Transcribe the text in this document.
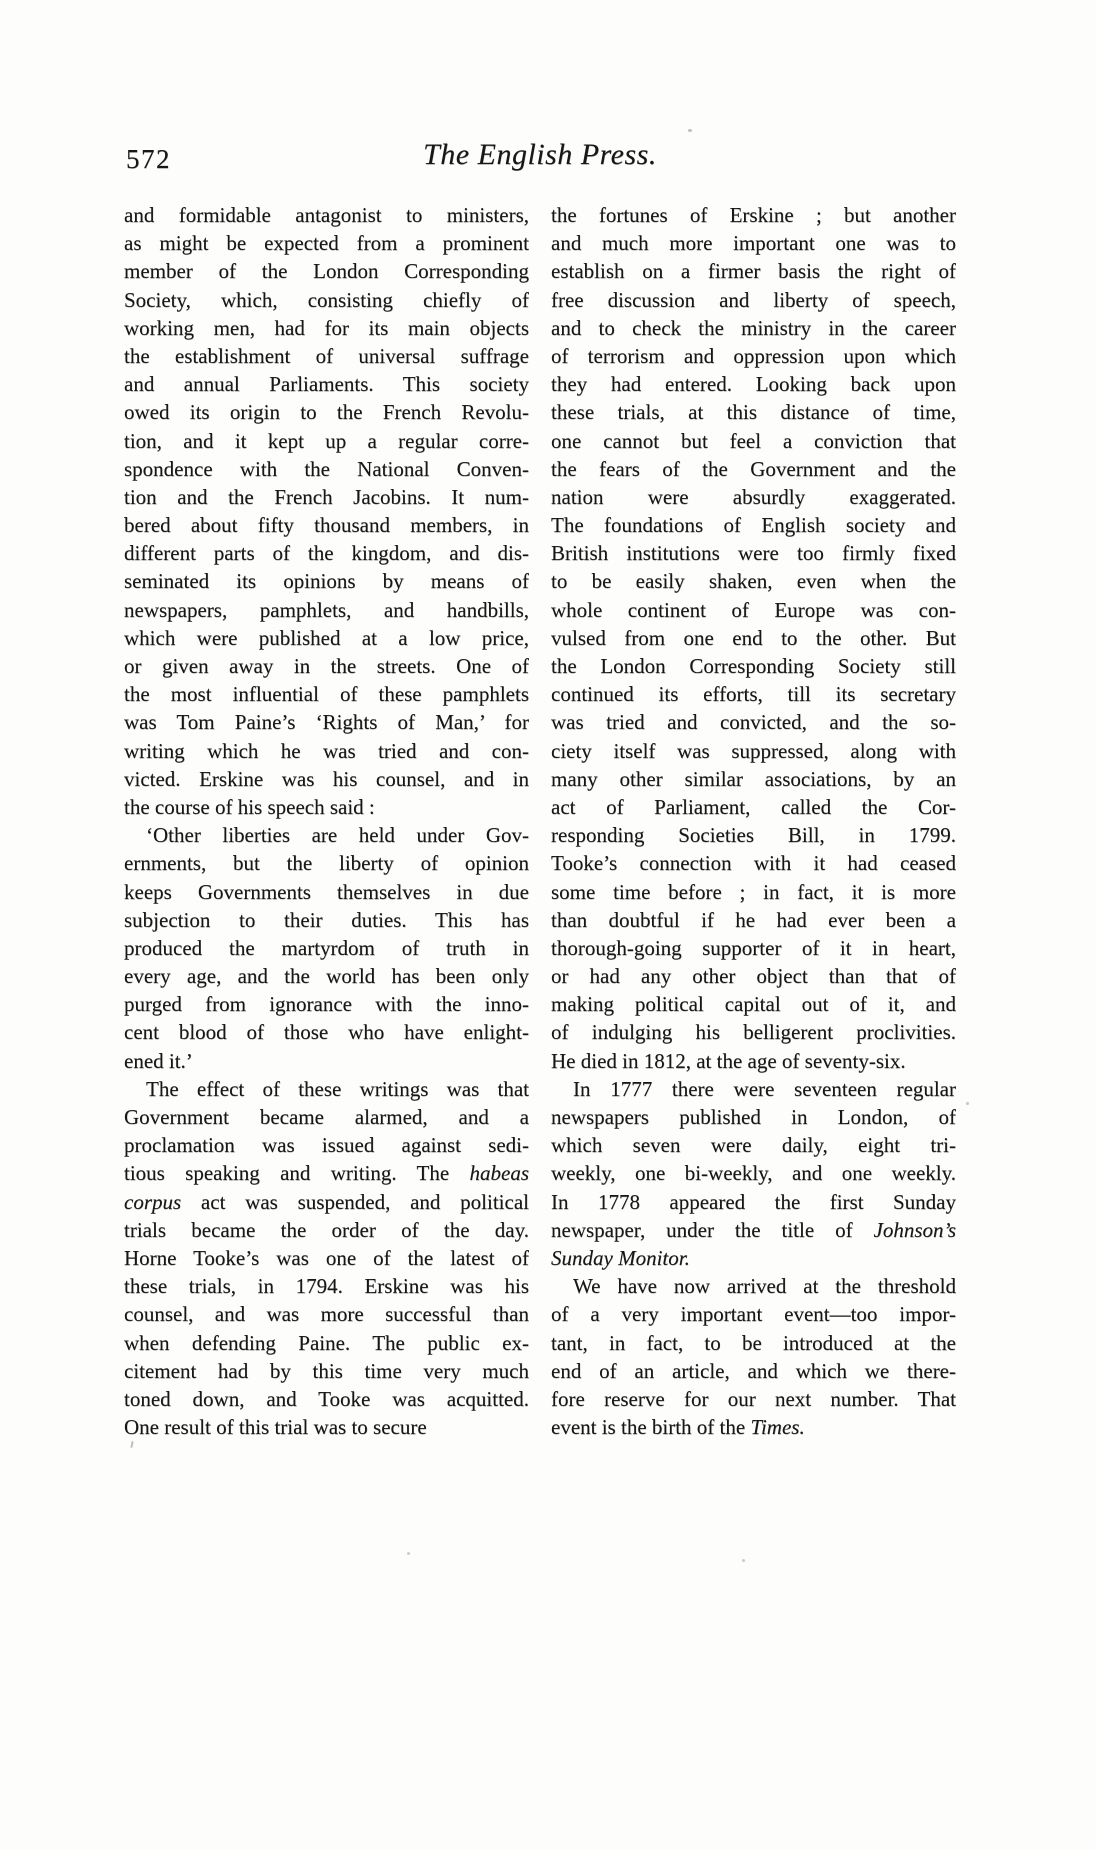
572	The English Press.
and formidable antagonist to ministers,
as might be expected from a prominent
member of the London Corresponding
Society, which, consisting chiefly of
working men, had for its main objects
the establishment of universal suffrage
and annual Parliaments. This society
owed its origin to the French Revolu-
tion, and it kept up a regular corre-
spondence with the National Conven-
tion and the French Jacobins. It num-
bered about fifty thousand members, in
different parts of the kingdom, and dis-
seminated its opinions by means of
newspapers, pamphlets, and handbills,
which were published at a low price,
or given away in the streets. One of
the most influential of these pamphlets
was Tom Paine’s ‘Rights of Man,’ for
writing which he was tried and con-
victed. Erskine was his counsel, and in
the course of his speech said :
‘Other liberties are held under Gov-
ernments, but the liberty of opinion
keeps Governments themselves in due
subjection to their duties. This has
produced the martyrdom of truth in
every age, and the world has been only
purged from ignorance with the inno-
cent blood of those who have enlight-
ened it.’
The effect of these writings was that
Government became alarmed, and a
proclamation was issued against sedi-
tious speaking and writing. The habeas
corpus act was suspended, and political
trials became the order of the day.
Horne Tooke’s was one of the latest of
these trials, in 1794. Erskine was his
counsel, and was more successful than
when defending Paine. The public ex-
citement had by this time very much
toned down, and Tooke was acquitted.
One result of this trial was to secure
the fortunes of Erskine ; but another
and much more important one was to
establish on a firmer basis the right of
free discussion and liberty of speech,
and to check the ministry in the career
of terrorism and oppression upon which
they had entered. Looking back upon
these trials, at this distance of time,
one cannot but feel a conviction that
the fears of the Government and the
nation were absurdly exaggerated.
The foundations of English society and
British institutions were too firmly fixed
to be easily shaken, even when the
whole continent of Europe was con-
vulsed from one end to the other. But
the London Corresponding Society still
continued its efforts, till its secretary
was tried and convicted, and the so-
ciety itself was suppressed, along with
many other similar associations, by an
act of Parliament, called the Cor-
responding Societies Bill, in 1799.
Tooke’s connection with it had ceased
some time before ; in fact, it is more
than doubtful if he had ever been a
thorough-going supporter of it in heart,
or had any other object than that of
making political capital out of it, and
of indulging his belligerent proclivities.
He died in 1812, at the age of seventy-six.
In 1777 there were seventeen regular
newspapers published in London, of
which seven were daily, eight tri-
weekly, one bi-weekly, and one weekly.
In 1778 appeared the first Sunday
newspaper, under the title of Johnson’s
Sunday Monitor.
We have now arrived at the threshold
of a very important event—too impor-
tant, in fact, to be introduced at the
end of an article, and which we there-
fore reserve for our next number. That
event is the birth of the Times.
